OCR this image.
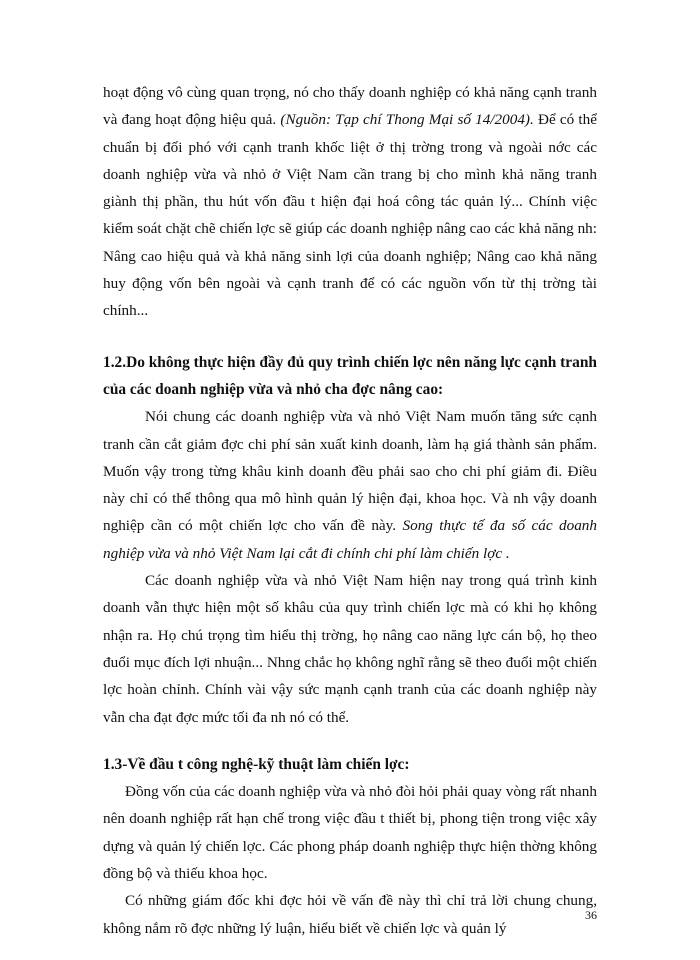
hoạt động vô cùng quan trọng, nó cho thấy doanh nghiệp có khả năng cạnh tranh và đang hoạt động hiệu quả. (Nguồn: Tạp chí Thong Mại số 14/2004). Để có thể chuẩn bị đối phó với cạnh tranh khốc liệt ở thị trờng trong và ngoài nớc các doanh nghiệp vừa và nhỏ ở Việt Nam cần trang bị cho mình khả năng tranh giành thị phần, thu hút vốn đầu t hiện đại hoá công tác quản lý... Chính việc kiểm soát chặt chẽ chiến lợc sẽ giúp các doanh nghiệp nâng cao các khả năng nh: Nâng cao hiệu quả và khả năng sinh lợi của doanh nghiệp; Nâng cao khả năng huy động vốn bên ngoài và cạnh tranh để có các nguồn vốn từ thị trờng tài chính...

1.2.Do không thực hiện đầy đủ quy trình chiến lợc nên năng lực cạnh tranh của các doanh nghiệp vừa và nhỏ cha đợc nâng cao:

Nói chung các doanh nghiệp vừa và nhỏ Việt Nam muốn tăng sức cạnh tranh cần cắt giảm đợc chi phí sản xuất kinh doanh, làm hạ giá thành sản phẩm. Muốn vậy trong từng khâu kinh doanh đều phải sao cho chi phí giảm đi. Điều này chỉ có thể thông qua mô hình quản lý hiện đại, khoa học. Và nh vậy doanh nghiệp cần có một chiến lợc cho vấn đề này. Song thực tế đa số các doanh nghiệp vừa và nhỏ Việt Nam lại cắt đi chính chi phí làm chiến lợc .

Các doanh nghiệp vừa và nhỏ Việt Nam hiện nay trong quá trình kinh doanh vẫn thực hiện một số khâu của quy trình chiến lợc mà có khi họ không nhận ra. Họ chú trọng tìm hiểu thị trờng, họ nâng cao năng lực cán bộ, họ theo đuổi mục đích lợi nhuận... Nhng chắc họ không nghĩ rằng sẽ theo đuổi một chiến lợc hoàn chỉnh. Chính vài vậy sức mạnh cạnh tranh của các doanh nghiệp này vẫn cha đạt đợc mức tối đa nh nó có thể.

1.3-Về đầu t công nghệ-kỹ thuật làm chiến lợc:

Đồng vốn của các doanh nghiệp vừa và nhỏ đòi hỏi phải quay vòng rất nhanh nên doanh nghiệp rất hạn chế trong việc đầu t thiết bị, phong tiện trong việc xây dựng và quản lý chiến lợc. Các phong pháp doanh nghiệp thực hiện thờng không đồng bộ và thiếu khoa học.

Có những giám đốc khi đợc hỏi về vấn đề này thì chỉ trả lời chung chung, không nắm rõ đợc những lý luận, hiểu biết về chiến lợc và quản lý

36
